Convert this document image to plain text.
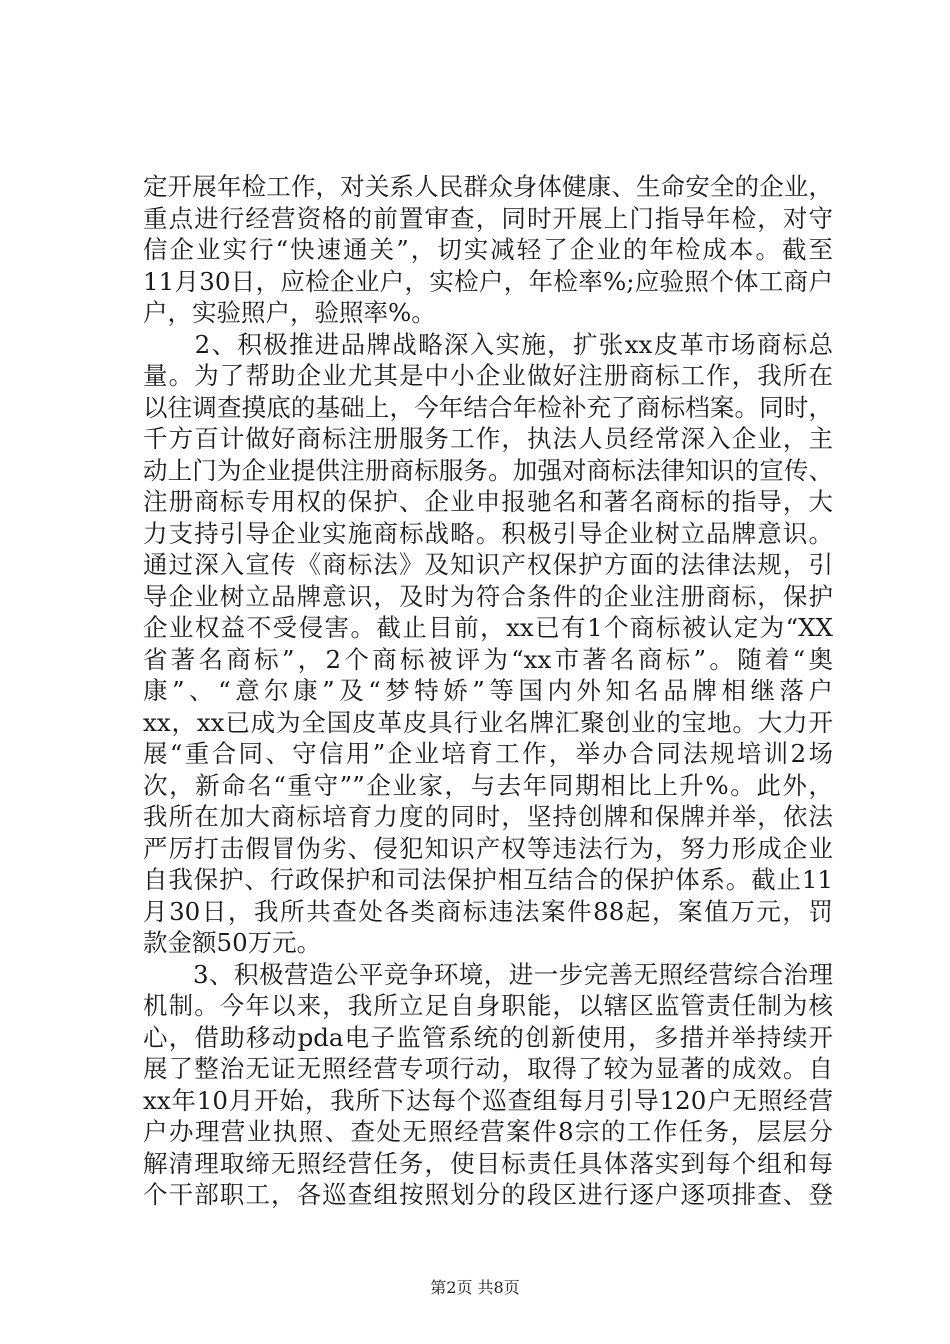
定开展年检工作，对关系人民群众身体健康、生命安全的企业，
重点进行经营资格的前置审查，同时开展上门指导年检，对守
信企业实行“快速通关”，切实减轻了企业的年检成本。截至
11月30日，应检企业户，实检户，年检率%;应验照个体工商户
户，实验照户，验照率%。
　　2、积极推进品牌战略深入实施，扩张xx皮革市场商标总
量。为了帮助企业尤其是中小企业做好注册商标工作，我所在
以往调查摸底的基础上，今年结合年检补充了商标档案。同时，
千方百计做好商标注册服务工作，执法人员经常深入企业，主
动上门为企业提供注册商标服务。加强对商标法律知识的宣传、
注册商标专用权的保护、企业申报驰名和著名商标的指导，大
力支持引导企业实施商标战略。积极引导企业树立品牌意识。
通过深入宣传《商标法》及知识产权保护方面的法律法规，引
导企业树立品牌意识，及时为符合条件的企业注册商标，保护
企业权益不受侵害。截止目前，xx已有1个商标被认定为“XX
省著名商标”，2个商标被评为“xx市著名商标”。随着“奥
康”、“意尔康”及“梦特娇”等国内外知名品牌相继落户
xx，xx已成为全国皮革皮具行业名牌汇聚创业的宝地。大力开
展“重合同、守信用”企业培育工作，举办合同法规培训2场
次，新命名“重守””企业家，与去年同期相比上升%。此外，
我所在加大商标培育力度的同时，坚持创牌和保牌并举，依法
严厉打击假冒伪劣、侵犯知识产权等违法行为，努力形成企业
自我保护、行政保护和司法保护相互结合的保护体系。截止11
月30日，我所共查处各类商标违法案件88起，案值万元，罚
款金额50万元。
　　3、积极营造公平竞争环境，进一步完善无照经营综合治理
机制。今年以来，我所立足自身职能，以辖区监管责任制为核
心，借助移动pda电子监管系统的创新使用，多措并举持续开
展了整治无证无照经营专项行动，取得了较为显著的成效。自
xx年10月开始，我所下达每个巡查组每月引导120户无照经营
户办理营业执照、查处无照经营案件8宗的工作任务，层层分
解清理取缔无照经营任务，使目标责任具体落实到每个组和每
个干部职工，各巡查组按照划分的段区进行逐户逐项排查、登
第2页 共8页
